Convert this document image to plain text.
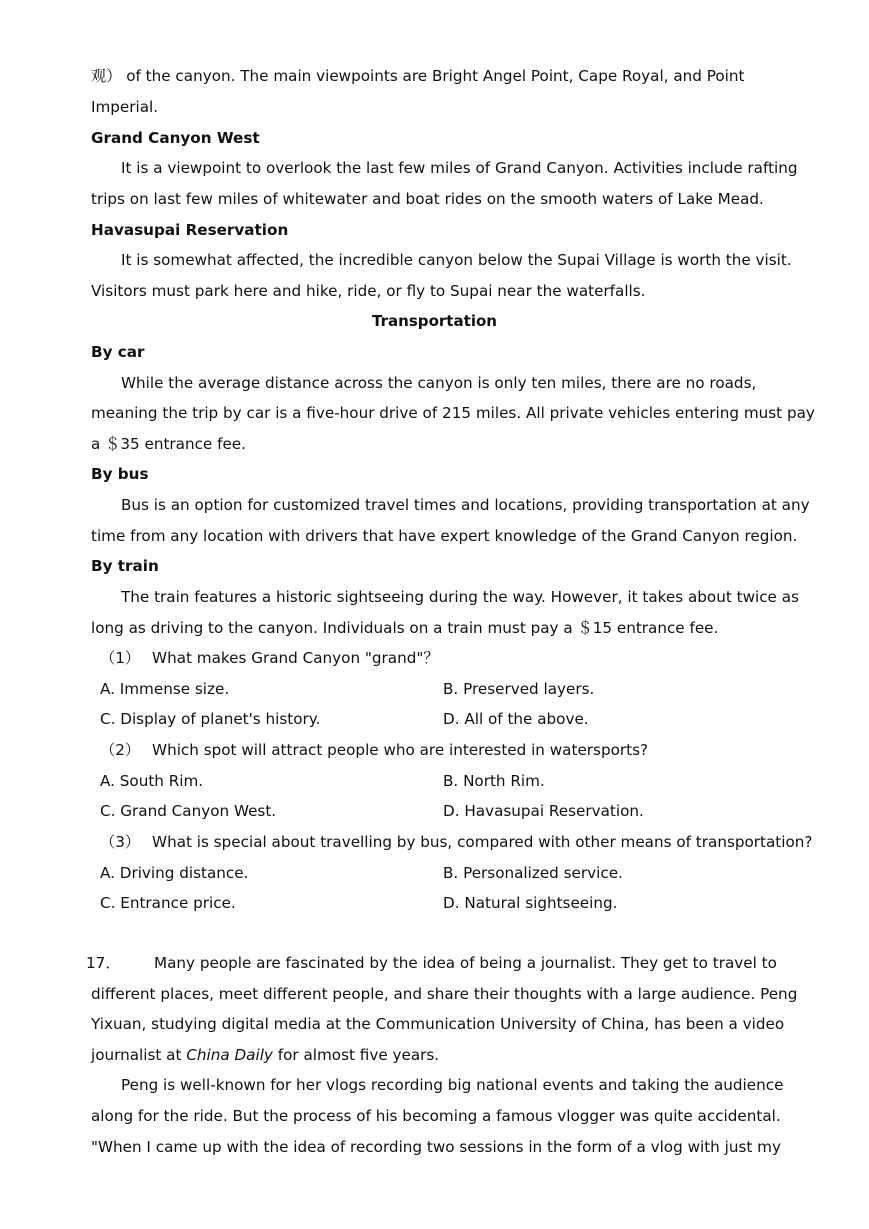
观） of the canyon. The main viewpoints are Bright Angel Point, Cape Royal, and Point
Imperial.
Grand Canyon West
It is a viewpoint to overlook the last few miles of Grand Canyon. Activities include rafting
trips on last few miles of whitewater and boat rides on the smooth waters of Lake Mead.
Havasupai Reservation
It is somewhat affected, the incredible canyon below the Supai Village is worth the visit.
Visitors must park here and hike, ride, or fly to Supai near the waterfalls.
Transportation
By car
While the average distance across the canyon is only ten miles, there are no roads,
meaning the trip by car is a five-hour drive of 215 miles. All private vehicles entering must pay
a ＄35 entrance fee.
By bus
Bus is an option for customized travel times and locations, providing transportation at any
time from any location with drivers that have expert knowledge of the Grand Canyon region.
By train
The train features a historic sightseeing during the way. However, it takes about twice as
long as driving to the canyon. Individuals on a train must pay a ＄15 entrance fee.
（1） What makes Grand Canyon "grand"？
A. Immense size.	B. Preserved layers.
C. Display of planet's history.	D. All of the above.
（2） Which spot will attract people who are interested in watersports?
A. South Rim.	B. North Rim.
C. Grand Canyon West.	D. Havasupai Reservation.
（3） What is special about travelling by bus, compared with other means of transportation?
A. Driving distance.	B. Personalized service.
C. Entrance price.	D. Natural sightseeing.
17． Many people are fascinated by the idea of being a journalist. They get to travel to
different places, meet different people, and share their thoughts with a large audience. Peng
Yixuan, studying digital media at the Communication University of China, has been a video
journalist at China Daily for almost five years.
Peng is well-known for her vlogs recording big national events and taking the audience
along for the ride. But the process of his becoming a famous vlogger was quite accidental.
"When I came up with the idea of recording two sessions in the form of a vlog with just my
